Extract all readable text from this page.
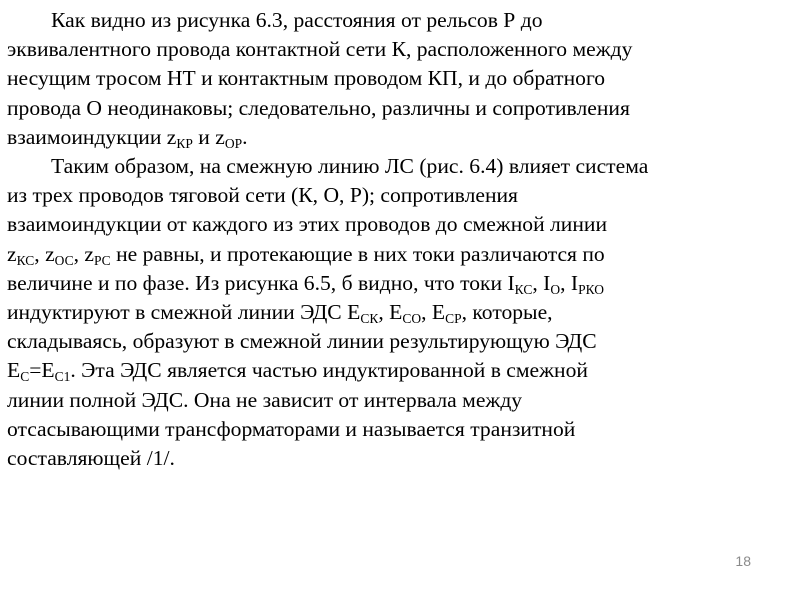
Как видно из рисунка 6.3, расстояния от рельсов Р до
эквивалентного провода контактной сети К, расположенного между
несущим тросом НТ и контактным проводом КП, и до обратного
провода О неодинаковы; следовательно, различны и сопротивления
взаимоиндукции $z_{КР}$ и $z_{ОР}$.

Таким образом, на смежную линию ЛС (рис. 6.4) влияет система
из трех проводов тяговой сети (К, О, Р); сопротивления
взаимоиндукции от каждого из этих проводов до смежной линии
$z_{КС}$, $z_{ОС}$, $z_{РС}$ не равны, и протекающие в них токи различаются по
величине и по фазе. Из рисунка 6.5, б видно, что токи $I_{КС}$, $I_О$, $I_{РКО}$
индуктируют в смежной линии ЭДС $Е_{СК}$, $Е_{СО}$, $Е_{СР}$, которые,
складываясь, образуют в смежной линии результирующую ЭДС
$Е_С=Е_{С1}$. Эта ЭДС является частью индуктированной в смежной
линии полной ЭДС. Она не зависит от интервала между
отсасывающими трансформаторами и называется транзитной
составляющей /1/.

18
